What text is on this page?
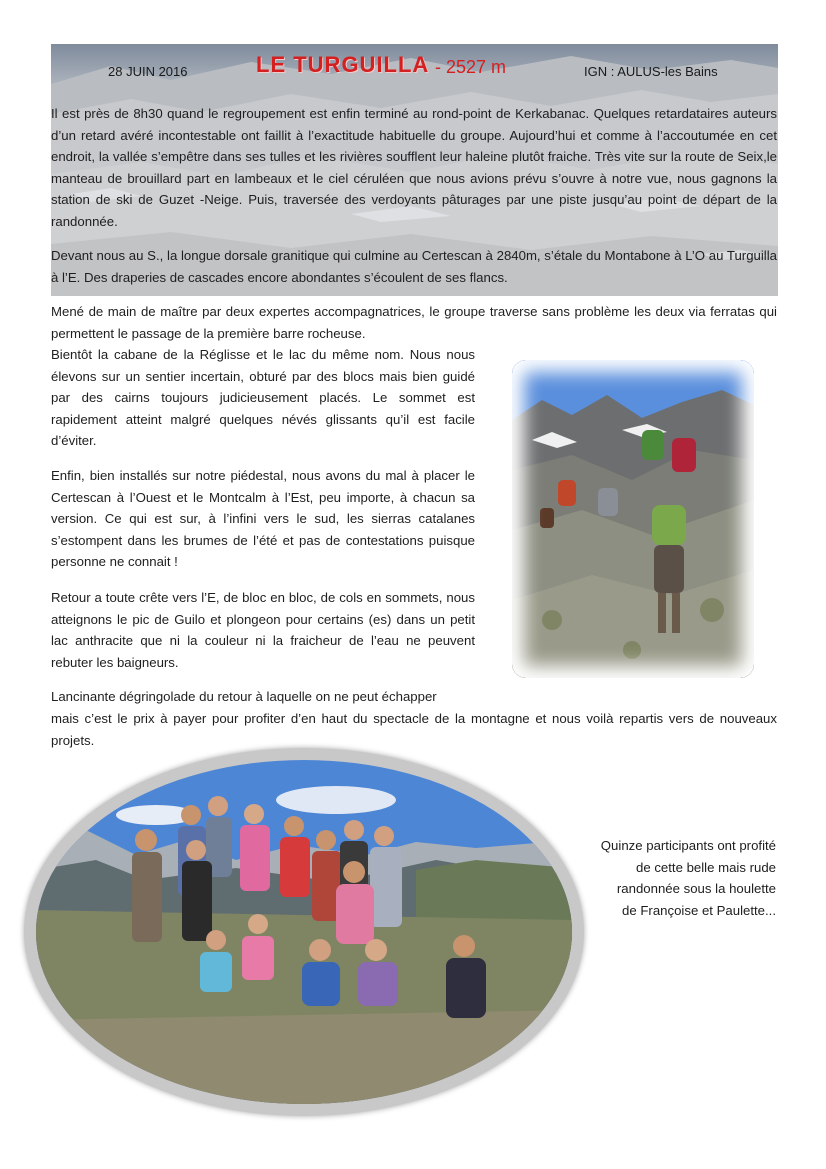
28 JUIN 2016	LE TURGUILLA - 2527 m	IGN : AULUS-les Bains

Il est près de 8h30 quand le regroupement est enfin terminé au rond-point de Kerkabanac. Quelques retardataires auteurs d’un retard avéré incontestable ont faillit à l’exactitude habituelle du groupe. Aujourd’hui et comme à l’accoutumée en cet endroit, la vallée s’empêtre dans ses tulles et les rivières soufflent leur haleine plutôt fraiche. Très vite sur la route de Seix,le manteau de brouillard part en lambeaux et le ciel céruléen que nous avions prévu s’ouvre à notre vue, nous gagnons la station de ski de Guzet -Neige. Puis, traversée des verdoyants pâturages par une piste jusqu’au point de départ de la randonnée.

Devant nous au S., la longue dorsale granitique qui culmine au Certescan à 2840m, s’étale du Montabone à L’O au Turguilla à l’E. Des draperies de cascades encore abondantes s’écoulent de ses flancs.

Mené de main de maître par deux expertes accompagnatrices, le groupe traverse sans problème les deux via ferratas qui permettent le passage de la première barre rocheuse.

Bientôt la cabane de la Réglisse et le lac du même nom. Nous nous élevons sur un sentier incertain, obturé par des blocs mais bien guidé par des cairns toujours judicieusement placés. Le sommet est rapidement atteint malgré quelques névés glissants qu’il est facile d’éviter.

Enfin, bien installés sur notre piédestal, nous avons du mal à placer le Certescan à l’Ouest et le Montcalm à l’Est, peu importe, à chacun sa version. Ce qui est sur, à l’infini vers le sud, les sierras catalanes s’estompent dans les brumes de l’été et pas de contestations puisque personne ne connait !

Retour a toute crête vers l’E, de bloc en bloc, de cols en sommets, nous atteignons le pic de Guilo et plongeon pour certains (es) dans un petit lac anthracite que ni la couleur ni la fraicheur de l’eau ne peuvent rebuter les baigneurs.

Lancinante dégringolade du retour à laquelle on ne peut échapper

mais c’est le prix à payer pour profiter d’en haut du spectacle de la montagne et nous voilà repartis vers de nouveaux projets.

Quinze participants ont profité
de cette belle mais rude
randonnée sous la houlette
de Françoise et Paulette...
